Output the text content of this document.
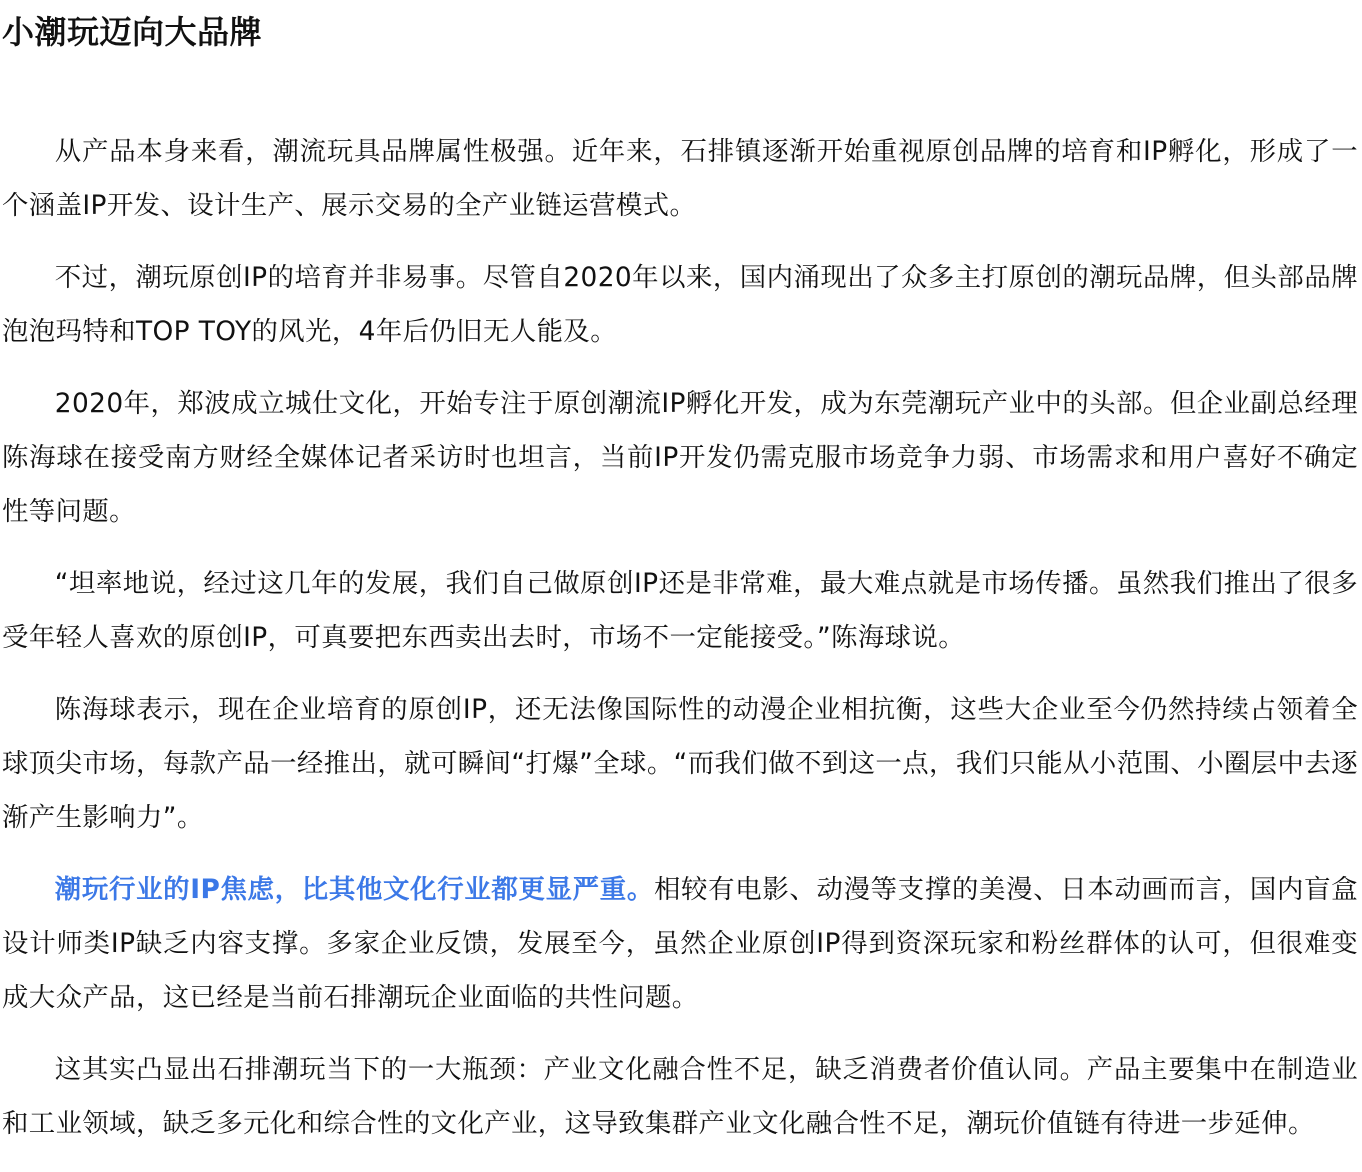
小潮玩迈向大品牌

从产品本身来看，潮流玩具品牌属性极强。近年来，石排镇逐渐开始重视原创品牌的培育和IP孵化，形成了一个涵盖IP开发、设计生产、展示交易的全产业链运营模式。

不过，潮玩原创IP的培育并非易事。尽管自2020年以来，国内涌现出了众多主打原创的潮玩品牌，但头部品牌泡泡玛特和TOP TOY的风光，4年后仍旧无人能及。

2020年，郑波成立城仕文化，开始专注于原创潮流IP孵化开发，成为东莞潮玩产业中的头部。但企业副总经理陈海球在接受南方财经全媒体记者采访时也坦言，当前IP开发仍需克服市场竞争力弱、市场需求和用户喜好不确定性等问题。

“坦率地说，经过这几年的发展，我们自己做原创IP还是非常难，最大难点就是市场传播。虽然我们推出了很多受年轻人喜欢的原创IP，可真要把东西卖出去时，市场不一定能接受。”陈海球说。

陈海球表示，现在企业培育的原创IP，还无法像国际性的动漫企业相抗衡，这些大企业至今仍然持续占领着全球顶尖市场，每款产品一经推出，就可瞬间“打爆”全球。“而我们做不到这一点，我们只能从小范围、小圈层中去逐渐产生影响力”。

潮玩行业的IP焦虑，比其他文化行业都更显严重。相较有电影、动漫等支撑的美漫、日本动画而言，国内盲盒设计师类IP缺乏内容支撑。多家企业反馈，发展至今，虽然企业原创IP得到资深玩家和粉丝群体的认可，但很难变成大众产品，这已经是当前石排潮玩企业面临的共性问题。

这其实凸显出石排潮玩当下的一大瓶颈：产业文化融合性不足，缺乏消费者价值认同。产品主要集中在制造业和工业领域，缺乏多元化和综合性的文化产业，这导致集群产业文化融合性不足，潮玩价值链有待进一步延伸。
